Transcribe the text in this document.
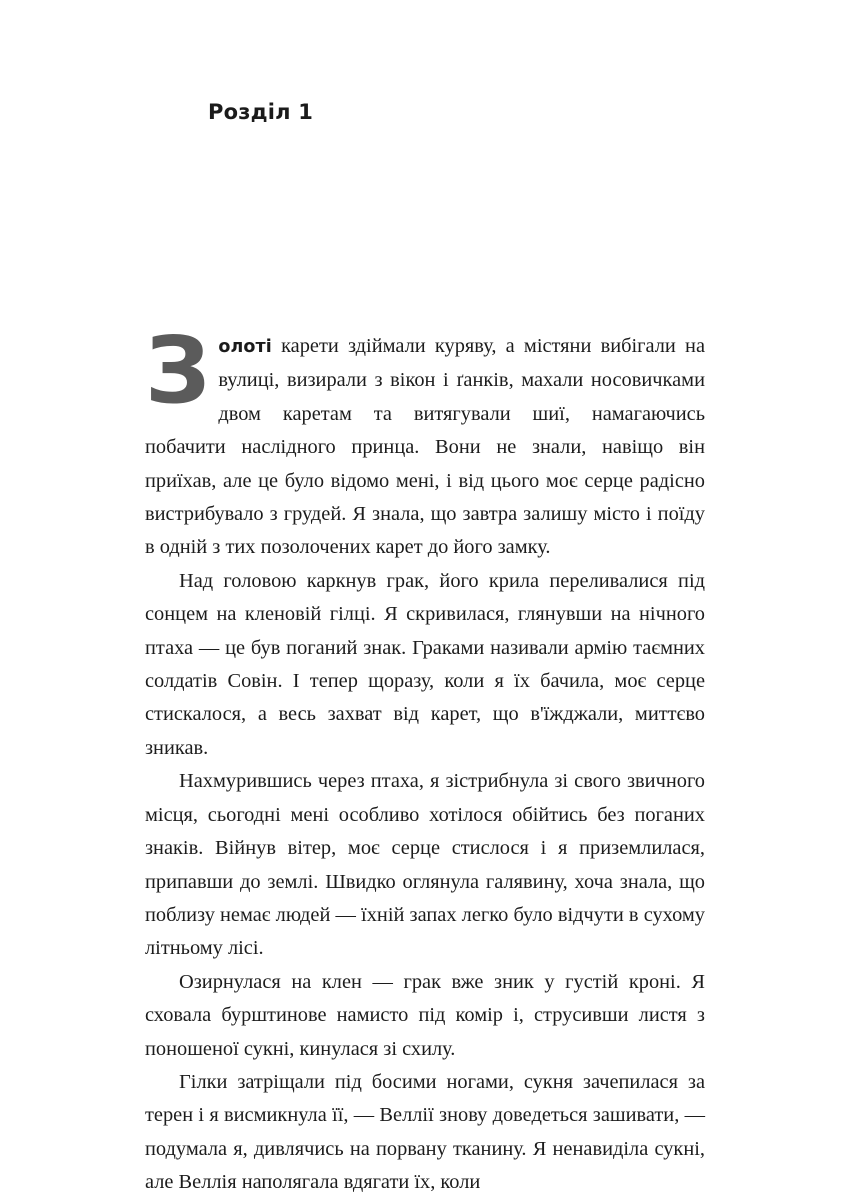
Розділ 1

Золоті карети здіймали куряву, а містяни вибігали на вулиці, визирали з вікон і ґанків, махали носовичками двом каретам та витягували шиї, намагаючись побачити наслідного принца. Вони не знали, навіщо він приїхав, але це було відомо мені, і від цього моє серце радісно вистрибувало з грудей. Я знала, що завтра залишу місто і поїду в одній з тих позолочених карет до його замку.

Над головою каркнув грак, його крила переливалися під сонцем на кленовій гілці. Я скривилася, глянувши на нічного птаха — це був поганий знак. Граками називали армію таємних солдатів Совін. І тепер щоразу, коли я їх бачила, моє серце стискалося, а весь захват від карет, що в'їжджали, миттєво зникав.

Нахмурившись через птаха, я зістрибнула зі свого звичного місця, сьогодні мені особливо хотілося обійтись без поганих знаків. Війнув вітер, моє серце стислося і я приземлилася, припавши до землі. Швидко оглянула галявину, хоча знала, що поблизу немає людей — їхній запах легко було відчути в сухому літньому лісі.

Озирнулася на клен — грак вже зник у густій кроні. Я сховала бурштинове намисто під комір і, струсивши листя з поношеної сукні, кинулася зі схилу.

Гілки затріщали під босими ногами, сукня зачепилася за терен і я висмикнула її, — Веллії знову доведеться зашивати, — подумала я, дивлячись на порвану тканину. Я ненавиділа сукні, але Веллія наполягала вдягати їх, коли
